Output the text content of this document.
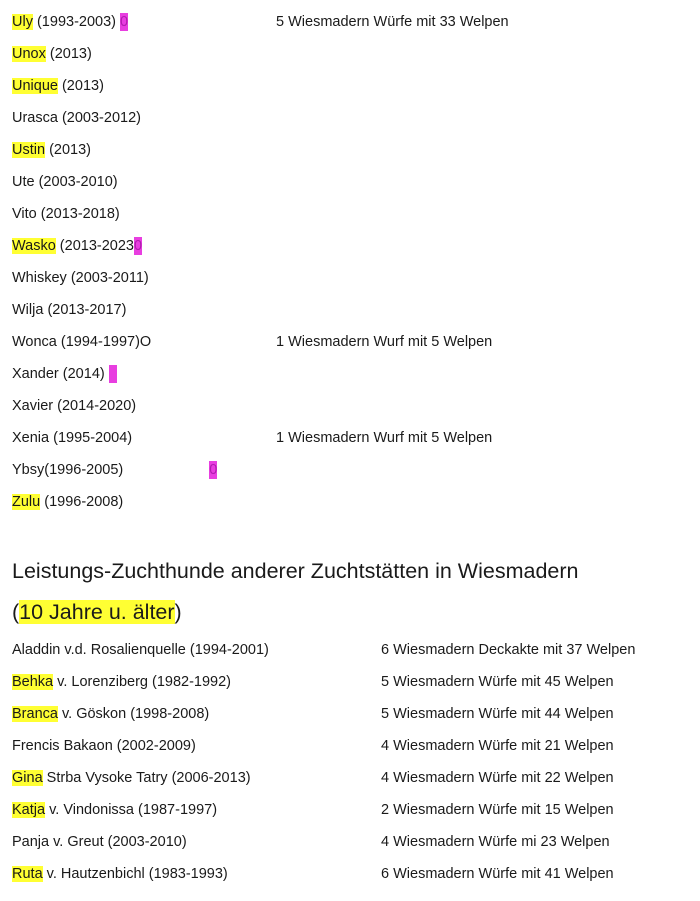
Uly (1993-2003) 0	5 Wiesmadern Würfe mit 33 Welpen
Unox (2013)
Unique (2013)
Urasca (2003-2012)
Ustin (2013)
Ute (2003-2010)
Vito (2013-2018)
Wasko (2013-20230
Whiskey (2003-2011)
Wilja (2013-2017)
Wonca (1994-1997)O	1 Wiesmadern Wurf mit 5 Welpen
Xander (2014)
Xavier (2014-2020)
Xenia (1995-2004)	1 Wiesmadern Wurf mit 5 Welpen
Ybsy(1996-2005)	0
Zulu (1996-2008)
Leistungs-Zuchthunde anderer Zuchtstätten in Wiesmadern
(10 Jahre u. älter)
Aladdin v.d. Rosalienquelle (1994-2001)	6 Wiesmadern Deckakte mit 37 Welpen
Behka v. Lorenziberg (1982-1992)	5 Wiesmadern Würfe mit 45 Welpen
Branca v. Göskon (1998-2008)	5 Wiesmadern Würfe mit 44 Welpen
Frencis Bakaon (2002-2009)	4 Wiesmadern Würfe mit 21 Welpen
Gina Strba Vysoke Tatry (2006-2013)	4 Wiesmadern Würfe mit 22 Welpen
Katja v. Vindonissa (1987-1997)	2 Wiesmadern Würfe mit 15 Welpen
Panja v. Greut (2003-2010)	4 Wiesmadern Würfe mi 23 Welpen
Ruta v. Hautzenbichl (1983-1993)	6 Wiesmadern Würfe mit 41 Welpen
